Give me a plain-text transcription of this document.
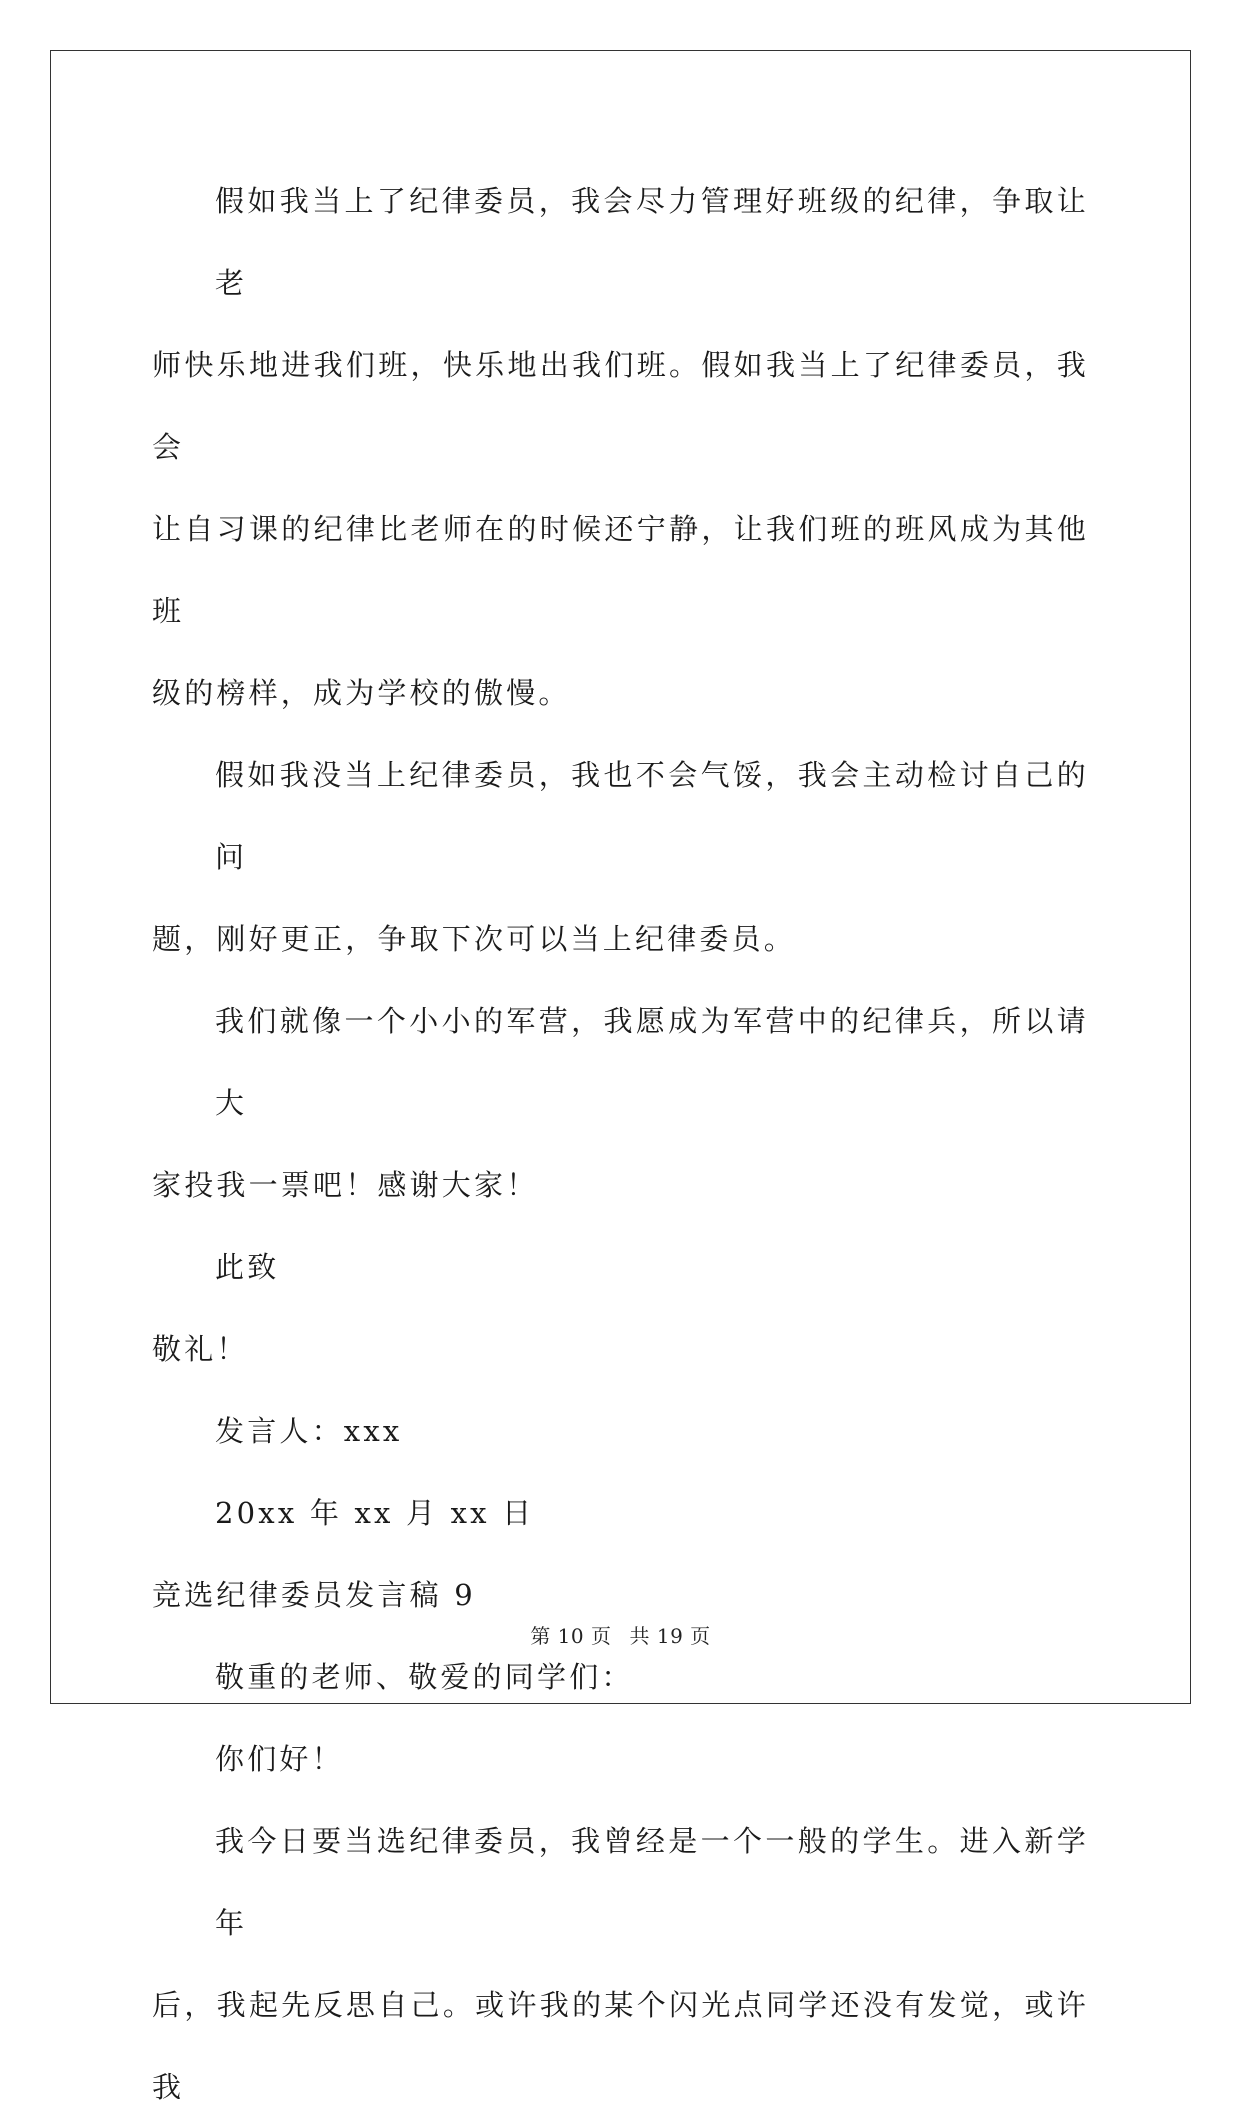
假如我当上了纪律委员，我会尽力管理好班级的纪律，争取让老
师快乐地进我们班，快乐地出我们班。假如我当上了纪律委员，我会
让自习课的纪律比老师在的时候还宁静，让我们班的班风成为其他班
级的榜样，成为学校的傲慢。

假如我没当上纪律委员，我也不会气馁，我会主动检讨自己的问
题，刚好更正，争取下次可以当上纪律委员。

我们就像一个小小的军营，我愿成为军营中的纪律兵，所以请大
家投我一票吧！感谢大家！

此致

敬礼！

发言人：xxx

20xx 年 xx 月 xx 日

竞选纪律委员发言稿 9

敬重的老师、敬爱的同学们：

你们好！

我今日要当选纪律委员，我曾经是一个一般的学生。进入新学年
后，我起先反思自己。或许我的某个闪光点同学还没有发觉，或许我

第 10 页 共 19 页
